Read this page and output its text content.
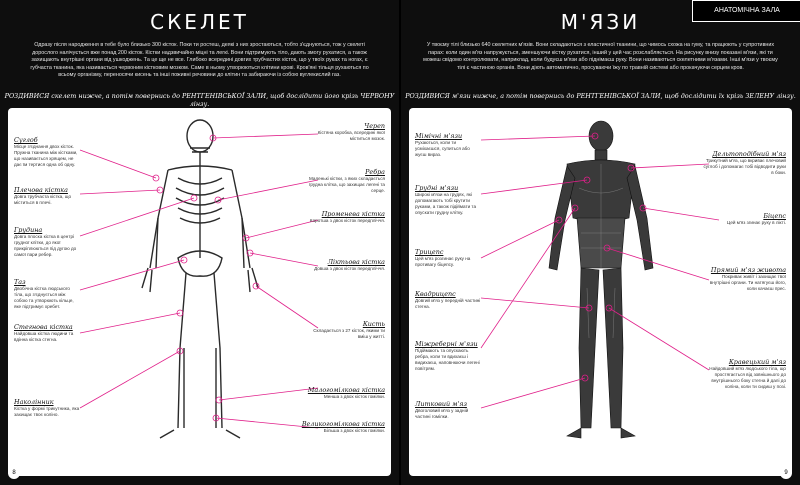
СКЕЛЕТ
Одразу після народження в тебе було близько 300 кісток. Поки ти ростеш, деякі з них зростаються, тобто з'єднуються, тож у скелеті дорослого налічується вже понад 200 кісток. Кістки надзвичайно міцні та легкі. Вони підтримують тіло, дають змогу рухатися, а також захищають внутрішні органи від ушкоджень. Та це ще не все. Глибоко всередині довгих трубчастих кісток, що у твоїх руках та ногах, є губчаста тканина, яка називається червоним кістковим мозком. Саме в ньому утворюються клітини крові. Кров'яні тільця рухаються по всьому організму, переносячи кисень та інші поживні речовини до клітин та забираючи із собою вуглекислий газ.
РОЗДИВИСЯ скелет нижче, а потім повернись до РЕНТГЕНІВСЬКОЇ ЗАЛИ, щоб дослідити його крізь ЧЕРВОНУ лінзу.
Суглоб
Місце з'єднання двох кісток. Пружна тканина між кістками, що називається хрящем, не дає їм тертися одна об одну.
Плечова кістка
Довга трубчаста кістка, що міститься в плечі.
Грудина
Довга плоска кістка в центрі грудної клітки, до якої прикріплюються під дугою до самої пари ребер.
Таз
Двобічна кістка людського тіла, що з'єднується між собою та утворюють кільце, яке підтримує хребет.
Стегнова кістка
Найдовша кістка людини та вдінна кістка стегна.
Наколінник
Кістка у формі трикутника, яка захищає твоє коліно.
Череп
Кістяна коробка, всередині якої міститься мозок.
Ребра
Маленькі кістки, з яких складається грудна клітка, що захищає легені та серце.
Променева кістка
Коротша з двох кісток передпліччя.
Ліктьова кістка
Довша з двох кісток передпліччя.
Кисть
Складається з 27 кісток, якими ти вміш у житті.
Малогомілкова кістка
Менша з двох кісток гомілки.
Великогомілкова кістка
Більша з двох кісток гомілки.
8
М'ЯЗИ
У твоєму тілі близько 640 скелетних м'язів. Вони складаються з еластичної тканини, що чимось схожа на гуму, та працюють у супротивних парах: коли один м'яз напружується, зменшуючи кістку рухатися, інший у цей час розслабляється. На рисунку внизу показані м'язи, які ти можеш свідомо контролювати, наприклад, коли будуєш м'язи або піднімаєш руку. Вони називаються скелетними м'язами. Інші м'язи у твоєму тілі є частиною органів. Вони діють автоматично, просуваючи їжу по травній системі або прокачуючи серцем кров.
РОЗДИВИСЯ м'язи нижче, а потім повернись до РЕНТГЕНІВСЬКОЇ ЗАЛИ, щоб дослідити їх крізь ЗЕЛЕНУ лінзу.
Мімічні м'язи
Рухаються, коли ти усміхаєшся, супиться або жуєш вираз.
Грудні м'язи
Широкі м'язи на грудях, які допомагають тобі крутити руками, а також підіймати та опускати грудну клітку.
Трицепс
Цей м'яз розгинає руку на противагу біцепсу.
Квадрицепс
Довгий м'яз у передній частині стегна.
Міжреберні м'язи
Підіймають та опускають ребра, коли ти вдихаєш і видихаєш, наповнюючи легені повітрям.
Литковий м'яз
Двоголовий м'яз у задній частині гомілки.
Дельтоподібний м'яз
Трикутний м'яз, що вкриває плечовий суглоб і допомагає тобі відводити руки в боки.
Біцепс
Цей м'яз згинає руку в лікті.
Прямий м'яз живота
Покриває живіт і захищає твої внутрішні органи. Ти натягуєш його, коли качаєш прес.
Кравецький м'яз
Найдовший м'яз людського тіла, що простягається від зовнішнього до внутрішнього боку стегна й далі до коліна, коли ти сидиш у позі.
9
АНАТОМІЧНА ЗАЛА
